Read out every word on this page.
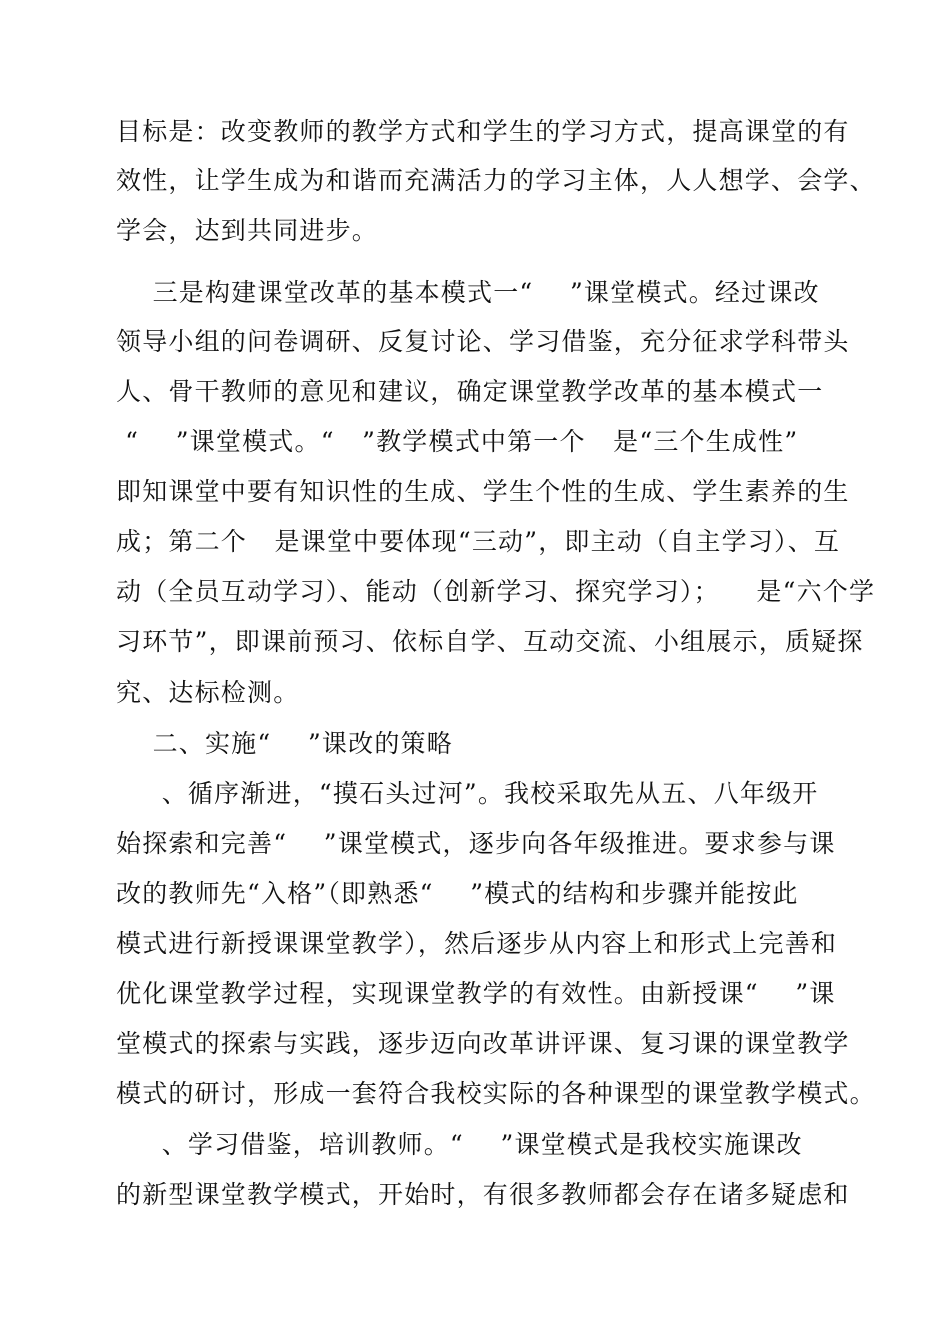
目标是：改变教师的教学方式和学生的学习方式，提高课堂的有
效性，让学生成为和谐而充满活力的学习主体，人人想学、会学、
学会，达到共同进步。
三是构建课堂改革的基本模式一“    ”课堂模式。经过课改
领导小组的问卷调研、反复讨论、学习借鉴，充分征求学科带头
人、骨干教师的意见和建议，确定课堂教学改革的基本模式一
“    ”课堂模式。“   ”教学模式中第一个   是“三个生成性”
即知课堂中要有知识性的生成、学生个性的生成、学生素养的生
成；第二个   是课堂中要体现“三动”，即主动（自主学习）、互
动（全员互动学习）、能动（创新学习、探究学习）；    是“六个学
习环节”，即课前预习、依标自学、互动交流、小组展示，质疑探
究、达标检测。
二、实施“    ”课改的策略
、循序渐进，“摸石头过河”。我校采取先从五、八年级开
始探索和完善“    ”课堂模式，逐步向各年级推进。要求参与课
改的教师先“入格”（即熟悉“    ”模式的结构和步骤并能按此
模式进行新授课课堂教学），然后逐步从内容上和形式上完善和
优化课堂教学过程，实现课堂教学的有效性。由新授课“    ”课
堂模式的探索与实践，逐步迈向改革讲评课、复习课的课堂教学
模式的研讨，形成一套符合我校实际的各种课型的课堂教学模式。
、学习借鉴，培训教师。“    ”课堂模式是我校实施课改
的新型课堂教学模式，开始时，有很多教师都会存在诸多疑虑和
